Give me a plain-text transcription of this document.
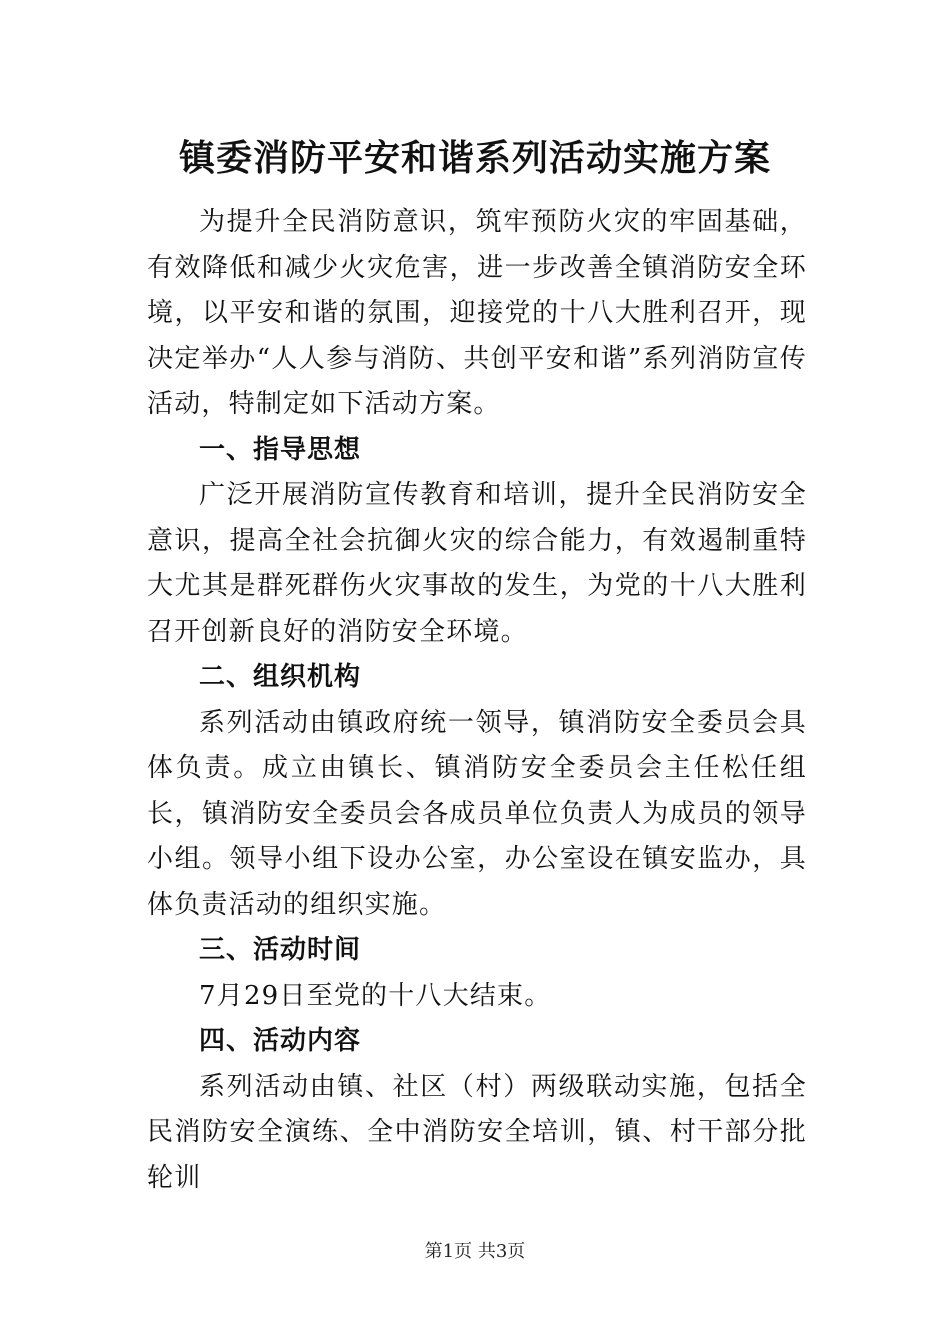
镇委消防平安和谐系列活动实施方案

为提升全民消防意识，筑牢预防火灾的牢固基础，有效降低和减少火灾危害，进一步改善全镇消防安全环境，以平安和谐的氛围，迎接党的十八大胜利召开，现决定举办“人人参与消防、共创平安和谐”系列消防宣传活动，特制定如下活动方案。

一、指导思想

广泛开展消防宣传教育和培训，提升全民消防安全意识，提高全社会抗御火灾的综合能力，有效遏制重特大尤其是群死群伤火灾事故的发生，为党的十八大胜利召开创新良好的消防安全环境。

二、组织机构

系列活动由镇政府统一领导，镇消防安全委员会具体负责。成立由镇长、镇消防安全委员会主任松任组长，镇消防安全委员会各成员单位负责人为成员的领导小组。领导小组下设办公室，办公室设在镇安监办，具体负责活动的组织实施。

三、活动时间

7月29日至党的十八大结束。

四、活动内容

系列活动由镇、社区（村）两级联动实施，包括全民消防安全演练、全中消防安全培训，镇、村干部分批轮训

第1页 共3页
